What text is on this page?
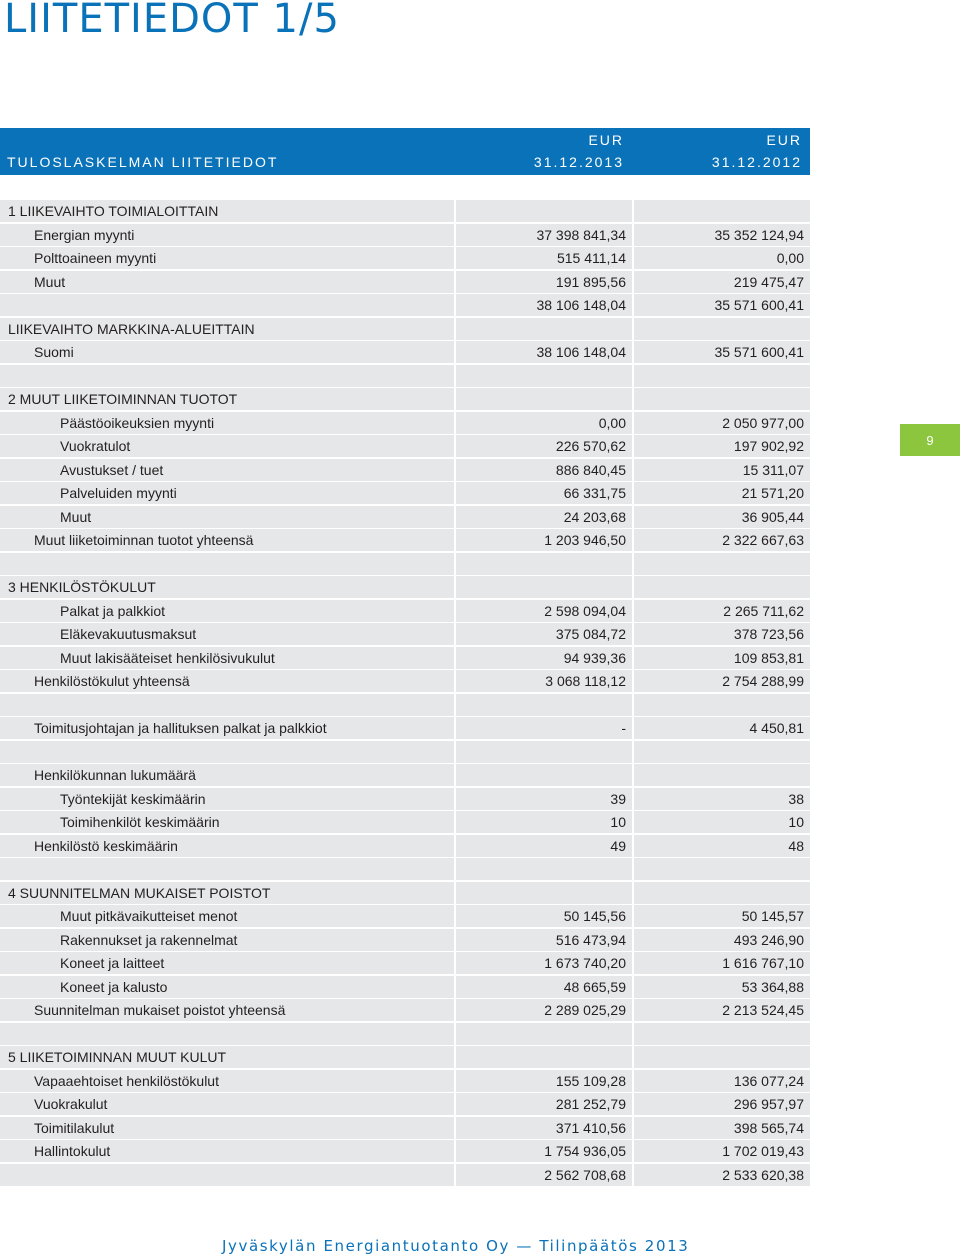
LIITETIEDOT 1/5
9
EUR	EUR
TULOSLASKELMAN LIITETIEDOT	31.12.2013	31.12.2012
1 LIIKEVAIHTO TOIMIALOITTAIN
Energian myynti	37 398 841,34	35 352 124,94
Polttoaineen myynti	515 411,14	0,00
Muut	191 895,56	219 475,47
38 106 148,04	35 571 600,41
LIIKEVAIHTO MARKKINA-ALUEITTAIN
Suomi	38 106 148,04	35 571 600,41
2 MUUT LIIKETOIMINNAN TUOTOT
Päästöoikeuksien myynti	0,00	2 050 977,00
Vuokratulot	226 570,62	197 902,92
Avustukset / tuet	886 840,45	15 311,07
Palveluiden myynti	66 331,75	21 571,20
Muut	24 203,68	36 905,44
Muut liiketoiminnan tuotot yhteensä	1 203 946,50	2 322 667,63
3 HENKILÖSTÖKULUT
Palkat ja palkkiot	2 598 094,04	2 265 711,62
Eläkevakuutusmaksut	375 084,72	378 723,56
Muut lakisääteiset henkilösivukulut	94 939,36	109 853,81
Henkilöstökulut yhteensä	3 068 118,12	2 754 288,99
Toimitusjohtajan ja hallituksen palkat ja palkkiot	-	4 450,81
Henkilökunnan lukumäärä
Työntekijät keskimäärin	39	38
Toimihenkilöt keskimäärin	10	10
Henkilöstö keskimäärin	49	48
4 SUUNNITELMAN MUKAISET POISTOT
Muut pitkävaikutteiset menot	50 145,56	50 145,57
Rakennukset ja rakennelmat	516 473,94	493 246,90
Koneet ja laitteet	1 673 740,20	1 616 767,10
Koneet ja kalusto	48 665,59	53 364,88
Suunnitelman mukaiset poistot yhteensä	2 289 025,29	2 213 524,45
5 LIIKETOIMINNAN MUUT KULUT
Vapaaehtoiset henkilöstökulut	155 109,28	136 077,24
Vuokrakulut	281 252,79	296 957,97
Toimitilakulut	371 410,56	398 565,74
Hallintokulut	1 754 936,05	1 702 019,43
2 562 708,68	2 533 620,38
Jyväskylän Energiantuotanto Oy — Tilinpäätös 2013
